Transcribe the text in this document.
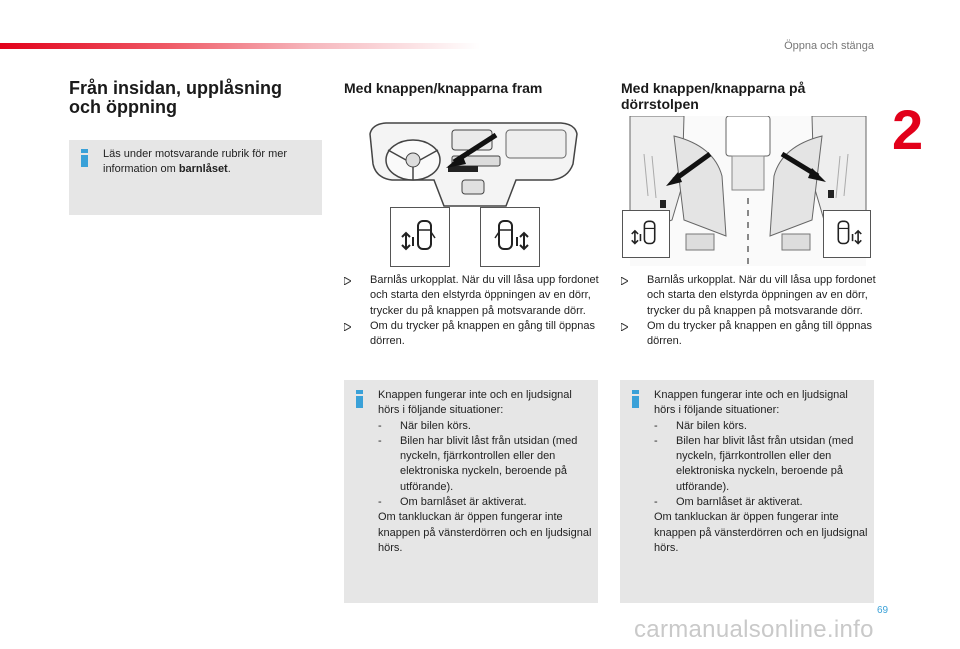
Öppna och stänga
2
Från insidan, upplåsning
och öppning
Läs under motsvarande rubrik för mer information om barnlåset.
Med knappen/knapparna fram
Barnlås urkopplat. När du vill låsa upp fordonet och starta den elstyrda öppningen av en dörr, trycker du på knappen på motsvarande dörr.
Om du trycker på knappen en gång till öppnas dörren.
Knappen fungerar inte och en ljudsignal hörs i följande situationer:
- När bilen körs.
- Bilen har blivit låst från utsidan (med nyckeln, fjärrkontrollen eller den elektroniska nyckeln, beroende på utförande).
- Om barnlåset är aktiverat.
Om tankluckan är öppen fungerar inte knappen på vänsterdörren och en ljudsignal hörs.
Med knappen/knapparna på
dörrstolpen
Barnlås urkopplat. När du vill låsa upp fordonet och starta den elstyrda öppningen av en dörr, trycker du på knappen på motsvarande dörr.
Om du trycker på knappen en gång till öppnas dörren.
Knappen fungerar inte och en ljudsignal hörs i följande situationer:
- När bilen körs.
- Bilen har blivit låst från utsidan (med nyckeln, fjärrkontrollen eller den elektroniska nyckeln, beroende på utförande).
- Om barnlåset är aktiverat.
Om tankluckan är öppen fungerar inte knappen på vänsterdörren och en ljudsignal hörs.
69
carmanualsonline.info
